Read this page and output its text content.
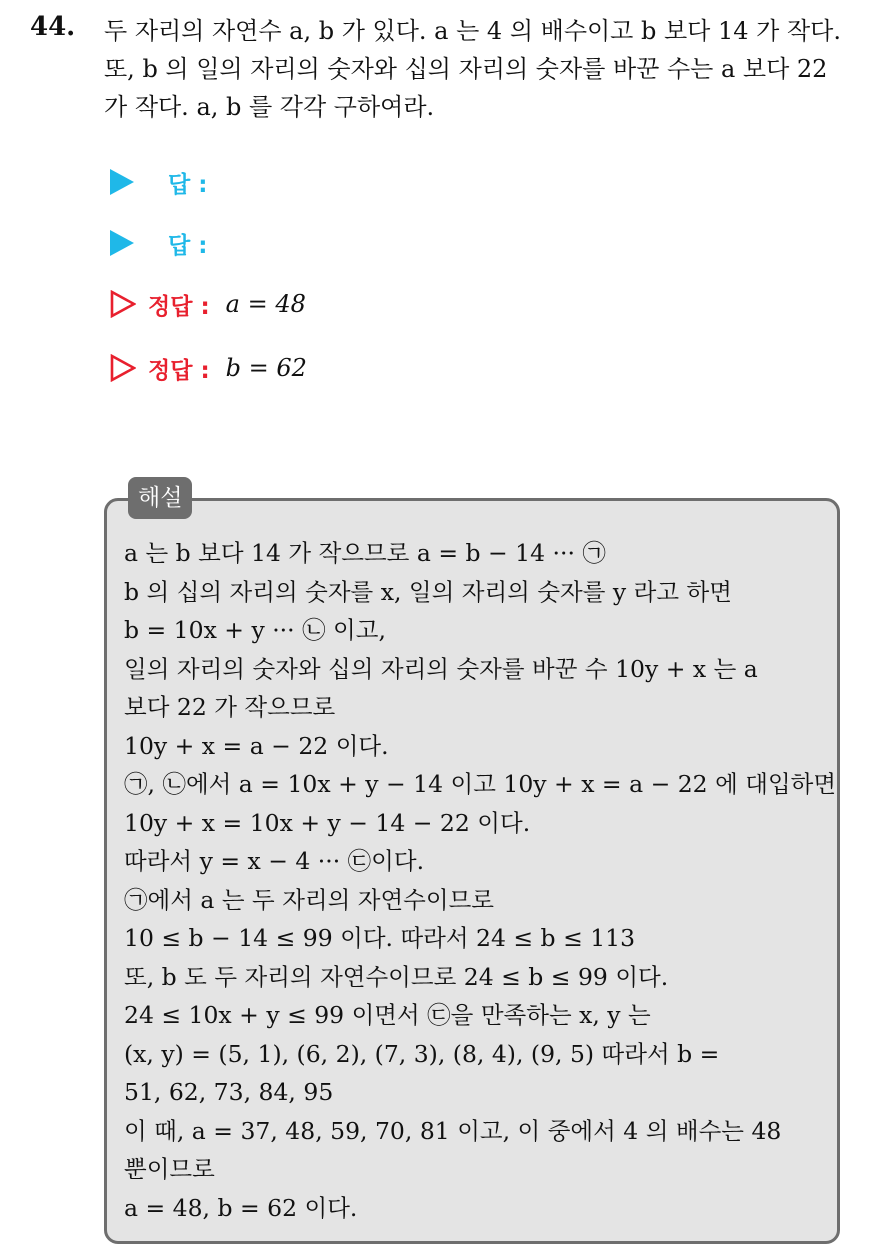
44. 두 자리의 자연수 a, b 가 있다. a 는 4 의 배수이고 b 보다 14 가 작다.

또, b 의 일의 자리의 숫자와 십의 자리의 숫자를 바꾼 수는 a 보다 22

가 작다. a, b 를 각각 구하여라.

답 :
답 :
정답 : a = 48
정답 : b = 62
해설

a 는 b 보다 14 가 작으므로 a = b − 14 ··· ㉠

b 의 십의 자리의 숫자를 x, 일의 자리의 숫자를 y 라고 하면

b = 10x + y ··· ㉡ 이고,

일의 자리의 숫자와 십의 자리의 숫자를 바꾼 수 10y + x 는 a

보다 22 가 작으므로

10y + x = a − 22 이다.

㉠, ㉡에서 a = 10x + y − 14 이고 10y + x = a − 22 에 대입하면

10y + x = 10x + y − 14 − 22 이다.

따라서 y = x − 4 ··· ㉢이다.

㉠에서 a 는 두 자리의 자연수이므로

10 ≤ b − 14 ≤ 99 이다. 따라서 24 ≤ b ≤ 113

또, b 도 두 자리의 자연수이므로 24 ≤ b ≤ 99 이다.

24 ≤ 10x + y ≤ 99 이면서 ㉢을 만족하는 x, y 는

(x, y) = (5, 1), (6, 2), (7, 3), (8, 4), (9, 5) 따라서 b =

51, 62, 73, 84, 95

이 때, a = 37, 48, 59, 70, 81 이고, 이 중에서 4 의 배수는 48

뿐이므로

a = 48, b = 62 이다.
